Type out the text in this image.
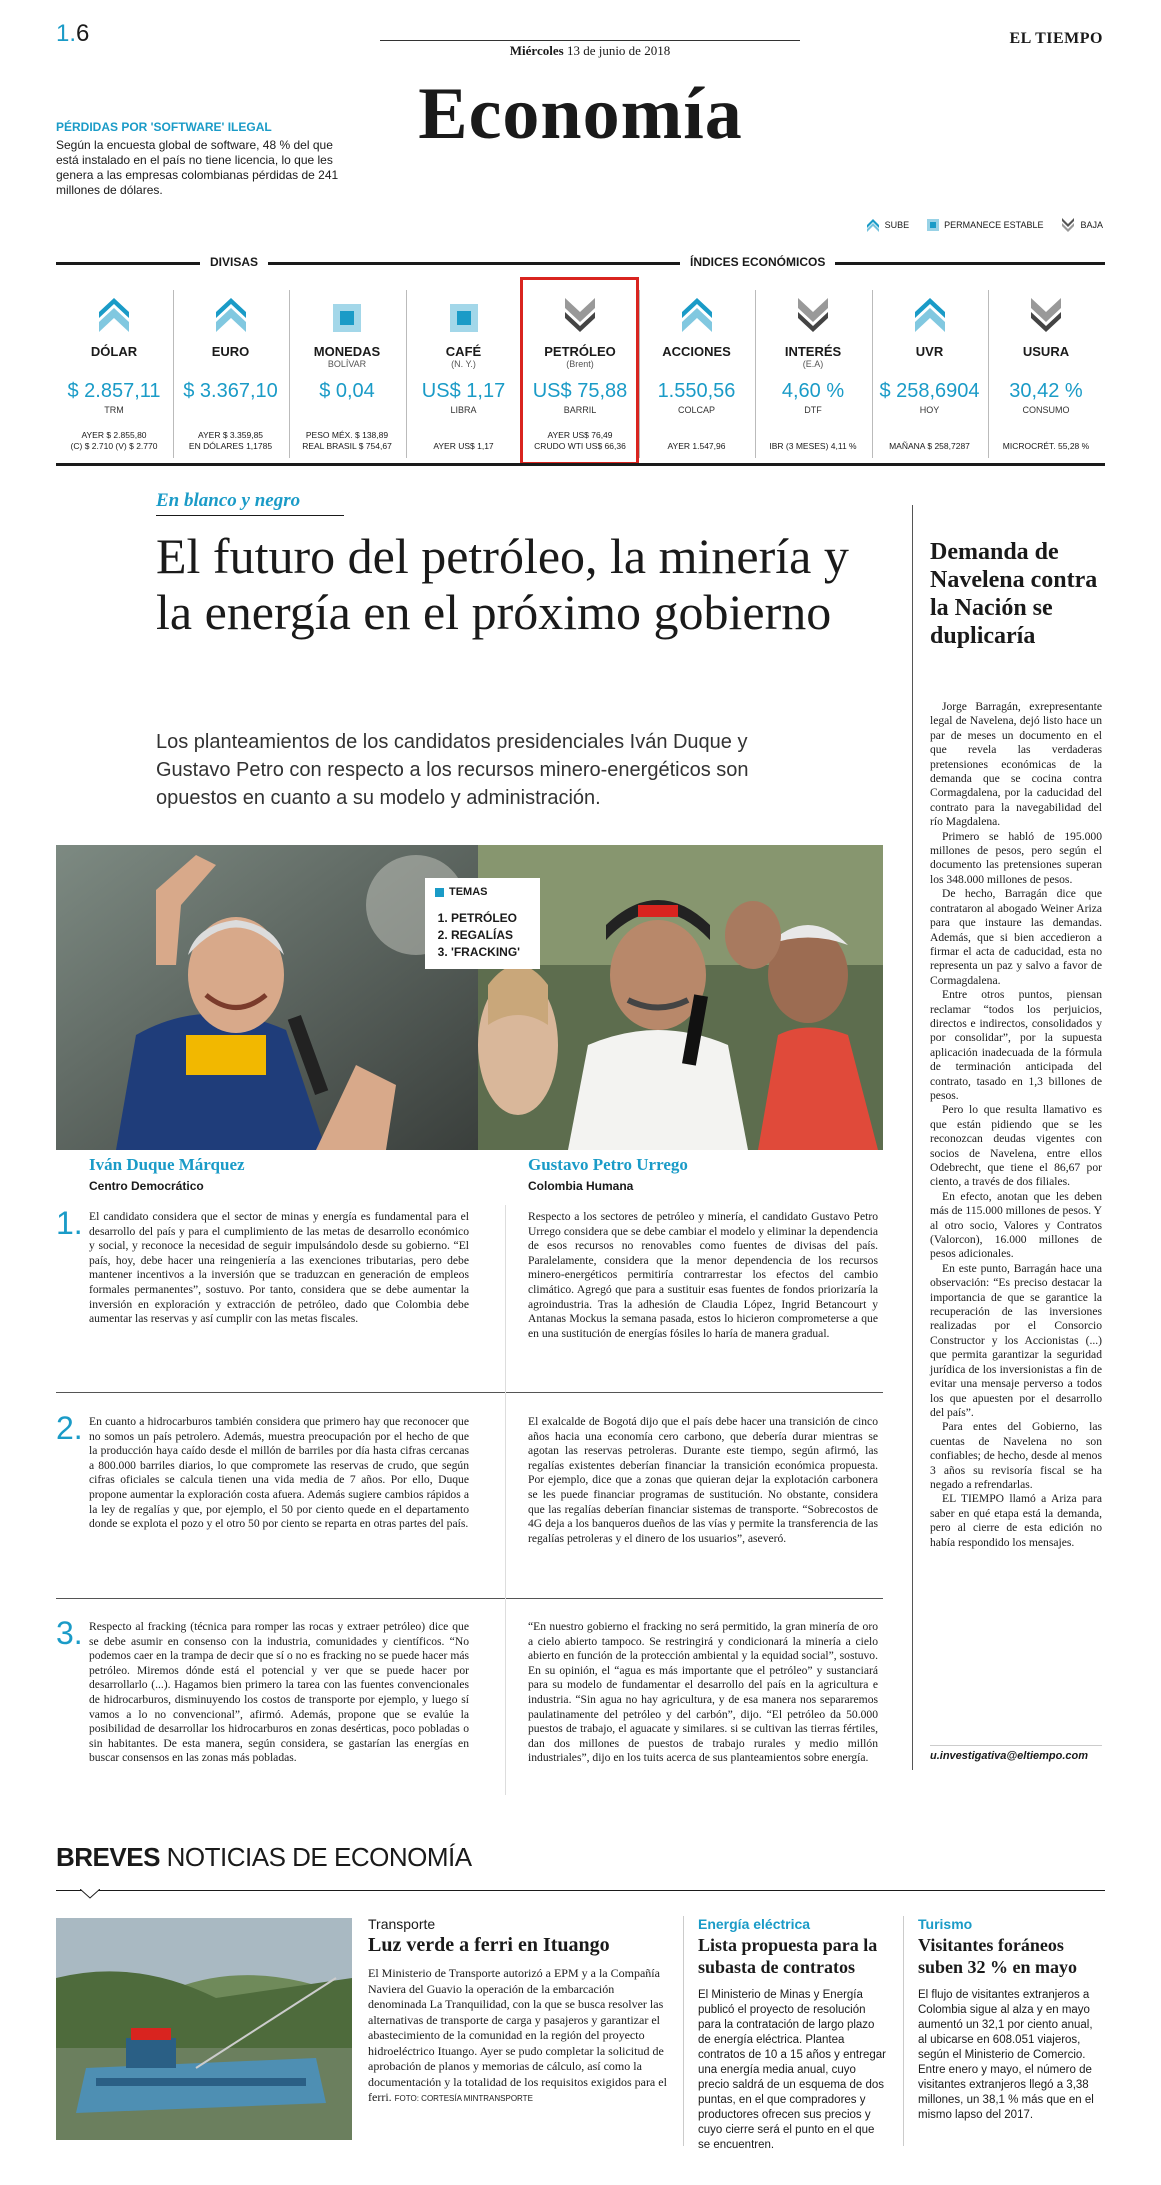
1.6
Miércoles 13 de junio de 2018
EL TIEMPO
Economía
PÉRDIDAS POR 'SOFTWARE' ILEGAL

Según la encuesta global de software, 48 % del que está instalado en el país no tiene licencia, lo que les genera a las empresas colombianas pérdidas de 241 millones de dólares.

SUBE	PERMANECE ESTABLE	BAJA
DIVISAS	ÍNDICES ECONÓMICOS
DÓLAR
$ 2.857,11
TRM
AYER $ 2.855,80
(C) $ 2.710 (V) $ 2.770
EURO
$ 3.367,10
AYER $ 3.359,85
EN DÓLARES 1,1785
MONEDAS
BOLÍVAR
$ 0,04
PESO MÉX. $ 138,89
REAL BRASIL $ 754,67
CAFÉ
(N. Y.)
US$ 1,17
LIBRA
AYER US$ 1,17
PETRÓLEO
(Brent)
US$ 75,88
BARRIL
AYER US$ 76,49
CRUDO WTI US$ 66,36
ACCIONES
1.550,56
COLCAP
AYER 1.547,96
INTERÉS
(E.A)
4,60 %
DTF
IBR (3 MESES) 4,11 %
UVR
$ 258,6904
HOY
MAÑANA $ 258,7287
USURA
30,42 %
CONSUMO
MICROCRÉT. 55,28 %
Demanda de Navelena contra la Nación se duplicaría

Jorge Barragán, exrepresentante legal de Navelena, dejó listo hace un par de meses un documento en el que revela las verdaderas pretensiones económicas de la demanda que se cocina contra Cormagdalena, por la caducidad del contrato para la navegabilidad del río Magdalena.

Primero se habló de 195.000 millones de pesos, pero según el documento las pretensiones superan los 348.000 millones de pesos.

De hecho, Barragán dice que contrataron al abogado Weiner Ariza para que instaure las demandas. Además, que si bien accedieron a firmar el acta de caducidad, esta no representa un paz y salvo a favor de Cormagdalena.

Entre otros puntos, piensan reclamar “todos los perjuicios, directos e indirectos, consolidados y por consolidar”, por la supuesta aplicación inadecuada de la fórmula de terminación anticipada del contrato, tasado en 1,3 billones de pesos.

Pero lo que resulta llamativo es que están pidiendo que se les reconozcan deudas vigentes con socios de Navelena, entre ellos Odebrecht, que tiene el 86,67 por ciento, a través de dos filiales.

En efecto, anotan que les deben más de 115.000 millones de pesos. Y al otro socio, Valores y Contratos (Valorcon), 16.000 millones de pesos adicionales.

En este punto, Barragán hace una observación: “Es preciso destacar la importancia de que se garantice la recuperación de las inversiones realizadas por el Consorcio Constructor y los Accionistas (...) que permita garantizar la seguridad jurídica de los inversionistas a fin de evitar una mensaje perverso a todos los que apuesten por el desarrollo del país”.

Para entes del Gobierno, las cuentas de Navelena no son confiables; de hecho, desde al menos 3 años su revisoría fiscal se ha negado a refrendarlas.

EL TIEMPO llamó a Ariza para saber en qué etapa está la demanda, pero al cierre de esta edición no había respondido los mensajes.

u.investigativa@eltiempo.com
En blanco y negro
El futuro del petróleo, la minería y la energía en el próximo gobierno
Los planteamientos de los candidatos presidenciales Iván Duque y Gustavo Petro con respecto a los recursos minero-energéticos son opuestos en cuanto a su modelo y administración.
TEMAS
1. PETRÓLEO
2. REGALÍAS
3. 'FRACKING'
Iván Duque Márquez
Centro Democrático
Gustavo Petro Urrego
Colombia Humana
1. El candidato considera que el sector de minas y energía es fundamental para el desarrollo del país y para el cumplimiento de las metas de desarrollo económico y social, y reconoce la necesidad de seguir impulsándolo desde su gobierno. “El país, hoy, debe hacer una reingeniería a las exenciones tributarias, pero debe mantener incentivos a la inversión que se traduzcan en generación de empleos formales permanentes”, sostuvo. Por tanto, considera que se debe aumentar la inversión en exploración y extracción de petróleo, dado que Colombia debe aumentar las reservas y así cumplir con las metas fiscales.
Respecto a los sectores de petróleo y minería, el candidato Gustavo Petro Urrego considera que se debe cambiar el modelo y eliminar la dependencia de esos recursos no renovables como fuentes de divisas del país. Paralelamente, considera que la menor dependencia de los recursos minero-energéticos permitiría contrarrestar los efectos del cambio climático. Agregó que para a sustituir esas fuentes de fondos priorizaría la agroindustria. Tras la adhesión de Claudia López, Ingrid Betancourt y Antanas Mockus la semana pasada, estos lo hicieron comprometerse a que en una sustitución de energías fósiles lo haría de manera gradual.
2. En cuanto a hidrocarburos también considera que primero hay que reconocer que no somos un país petrolero. Además, muestra preocupación por el hecho de que la producción haya caído desde el millón de barriles por día hasta cifras cercanas a 800.000 barriles diarios, lo que compromete las reservas de crudo, que según cifras oficiales se calcula tienen una vida media de 7 años. Por ello, Duque propone aumentar la exploración costa afuera. Además sugiere cambios rápidos a la ley de regalías y que, por ejemplo, el 50 por ciento quede en el departamento donde se explota el pozo y el otro 50 por ciento se reparta en otras partes del país.
El exalcalde de Bogotá dijo que el país debe hacer una transición de cinco años hacia una economía cero carbono, que debería durar mientras se agotan las reservas petroleras. Durante este tiempo, según afirmó, las regalías existentes deberían financiar la transición económica propuesta. Por ejemplo, dice que a zonas que quieran dejar la explotación carbonera se les puede financiar programas de sustitución. No obstante, considera que las regalías deberían financiar sistemas de transporte. “Sobrecostos de 4G deja a los banqueros dueños de las vías y permite la transferencia de las regalías petroleras y el dinero de los usuarios”, aseveró.
3. Respecto al fracking (técnica para romper las rocas y extraer petróleo) dice que se debe asumir en consenso con la industria, comunidades y científicos. “No podemos caer en la trampa de decir que sí o no es fracking no se puede hacer más petróleo. Miremos dónde está el potencial y ver que se puede hacer por desarrollarlo (...). Hagamos bien primero la tarea con las fuentes convencionales de hidrocarburos, disminuyendo los costos de transporte por ejemplo, y luego sí vamos a lo no convencional”, afirmó. Además, propone que se evalúe la posibilidad de desarrollar los hidrocarburos en zonas desérticas, poco pobladas o sin habitantes. De esta manera, según considera, se gastarían las energías en buscar consensos en las zonas más pobladas.
“En nuestro gobierno el fracking no será permitido, la gran minería de oro a cielo abierto tampoco. Se restringirá y condicionará la minería a cielo abierto en función de la protección ambiental y la equidad social”, sostuvo. En su opinión, el “agua es más importante que el petróleo” y sustanciará para su modelo de fundamentar el desarrollo del país en la agricultura e industria. “Sin agua no hay agricultura, y de esa manera nos separaremos paulatinamente del petróleo y del carbón”, dijo. “El petróleo da 50.000 puestos de trabajo, el aguacate y similares. si se cultivan las tierras fértiles, dan dos millones de puestos de trabajo rurales y medio millón industriales”, dijo en los tuits acerca de sus planteamientos sobre energía.
BREVES NOTICIAS DE ECONOMÍA
Transporte
Luz verde a ferri en Ituango
El Ministerio de Transporte autorizó a EPM y a la Compañía Naviera del Guavio la operación de la embarcación denominada La Tranquilidad, con la que se busca resolver las alternativas de transporte de carga y pasajeros y garantizar el abastecimiento de la comunidad en la región del proyecto hidroeléctrico Ituango. Ayer se pudo completar la solicitud de aprobación de planos y memorias de cálculo, así como la documentación y la totalidad de los requisitos exigidos para el ferri. FOTO: CORTESÍA MINTRANSPORTE
Energía eléctrica
Lista propuesta para la subasta de contratos
El Ministerio de Minas y Energía publicó el proyecto de resolución para la contratación de largo plazo de energía eléctrica. Plantea contratos de 10 a 15 años y entregar una energía media anual, cuyo precio saldrá de un esquema de dos puntas, en el que compradores y productores ofrecen sus precios y cuyo cierre será el punto en el que se encuentren.
Turismo
Visitantes foráneos suben 32 % en mayo
El flujo de visitantes extranjeros a Colombia sigue al alza y en mayo aumentó un 32,1 por ciento anual, al ubicarse en 608.051 viajeros, según el Ministerio de Comercio. Entre enero y mayo, el número de visitantes extranjeros llegó a 3,38 millones, un 38,1 % más que en el mismo lapso del 2017.
